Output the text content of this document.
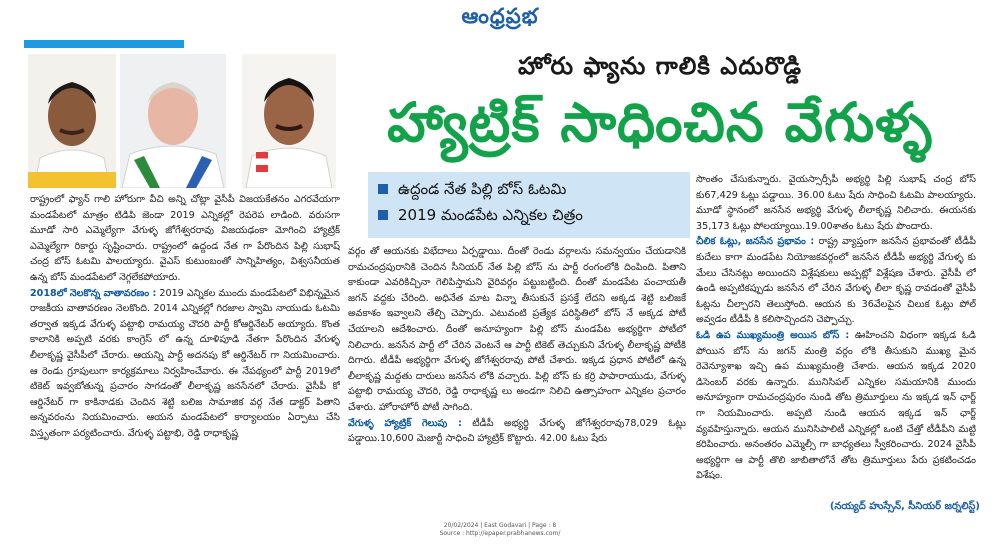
ఆంధ్రప్రభ
హోరు ఫ్యాను గాలికి ఎదురొడ్డి
హ్యాట్రిక్ సాధించిన వేగుళ్ళ
ఉద్దండ నేత పిల్లి బోస్ ఓటమి
2019 మండపేట ఎన్నికల చిత్రం

రాష్ట్రంలో ఫ్యాన్ గాలి హోరుగా వీచి అన్ని చోట్లా వైసీపీ విజయకేతనం ఎగరవేయగా మండపేటలో మాత్రం టిడిపి జెండా 2019 ఎన్నికల్లో రెపరెప లాడింది. వరుసగా మూడో సారి ఎమ్మెల్యేగా వేగుళ్ళ జోగేశ్వరరావు విజయఢంకా మోగించి హ్యాట్రిక్ ఎమ్మెల్యేగా రికార్డు సృష్టించారు. రాష్ట్రంలో ఉద్దండ నేత గా పేరొందిన పిల్లి సుభాష్ చంద్ర బోస్ ఓటమి పాలయ్యారు. వైఎస్ కుటుంబంతో సాన్నిహిత్యం, విశ్వసనీయత ఉన్న బోస్ మండపేటలో నెగ్గలేకపోయారు.

2018లో నెలకొన్న వాతావరణం : 2019 ఎన్నికల ముందు మండపేటలో విభిన్నమైన రాజకీయ వాతావరణం నెలకొంది. 2014 ఎన్నికల్లో గిరజాల స్వామి నాయుడు ఓటమి తర్వాత ఇక్కడ వేగుళ్ళ పట్టాభి రామయ్య చౌదరి పార్టీ కోఆర్డినేటర్ అయ్యారు. కొంత కాలానికి అప్పటి వరకు కాంగ్రెస్ లో ఉన్న దూళిపూడి నేతగా పేరొందిన వేగుళ్ళ లీలాకృష్ణ వైసీపీలో చేరారు. ఆయన్ని పార్టీ అదనపు కో ఆర్డినేటర్ గా నియమించారు. ఆ రెండు గ్రూపులుగా కార్యక్రమాలు నిర్వహించేవారు. ఈ నేపథ్యంలో పార్టీ 2019లో టికెట్ ఇవ్వబోతున్న ప్రచారం సాగడంతో లీలాకృష్ణ జనసేనలో చేరారు. వైసీపీ కో ఆర్డినేటర్ గా కాకినాడకు చెందిన శెట్టి బలిజ సామాజిక వర్గ నేత డాక్టర్ పితాని అన్నవరంను నియమించారు. ఆయన మండపేటలో కార్యాలయం ఏర్పాటు చేసి విస్తృతంగా పర్యటించారు. వేగుళ్ళ పట్టాభి, రెడ్డి రాధాకృష్ణ

వర్గం తో ఆయనకు విభేదాలు ఏర్పడ్డాయి. దీంతో రెండు వర్గాలను సమన్వయం చేయడానికి రామచంద్రపురానికి చెందిన సీనియర్ నేత పిల్లి బోస్ ను పార్టీ రంగంలోకి దింపింది. పితాని కాకుండా ఎవరికిచ్చినా గెలిపిస్తామని వైరివర్గం పట్టుబట్టింది. దీంతో మండపేట పంచాయతీ జగన్ వద్దకు చేరింది. అధినేత మాట విన్నా తీసుకునే ప్రసక్తే లేదని అక్కడ శెట్టి బలిజకే అవకాశం ఇవ్వాలని తేల్చి చెప్పారు. ఎటువంటి ప్రత్యేక పరిస్థితిలో బోస్ నే అక్కడ పోటీ చేయాలని ఆదేశించారు. దీంతో అనూహ్యంగా పిల్లి బోస్ మండపేట అభ్యర్థిగా పోటీలో నిలిచారు. జనసేన పార్టీ లో చేరిన వెంటనే ఆ పార్టీ టికెట్ తెచ్చుకుని వేగుళ్ళ లీలాకృష్ణ పోటీకి దిగారు. టీడీపీ అభ్యర్థిగా వేగుళ్ళ జోగేశ్వరరావు పోటీ చేశారు. ఇక్కడ ప్రధాన పోటీలో ఉన్న లీలాకృష్ణ మద్దతు దారులు జనసేన లోకి వచ్చారు. పిల్లి బోస్ కు కర్రి పాపారాయుడు, వేగుళ్ళ పట్టాభి రామయ్య చౌదరి, రెడ్డి రాధాకృష్ణ లు అండగా నిలిచి ఉత్సాహంగా ఎన్నికల ప్రచారం చేశారు. హోరాహోరీ పోటీ సాగింది.

వేగుళ్ళ హ్యాట్రిక్ గెలుపు : టీడీపీ అభ్యర్థి వేగుళ్ళ జోగేశ్వరరావు78,029 ఓట్లు పడ్డాయి.10,600 మెజార్టీ సాధించి హ్యాట్రిక్ కొట్టారు. 42.00 ఓటు షేరు

సొంతం చేసుకున్నారు. వైయస్సార్సీపీ అభ్యర్థి పిల్లి సుభాష్ చంద్ర బోస్ కు67,429 ఓట్లు పడ్డాయి. 36.00 ఓటు షేరు సాధించి ఓటమి పాలయ్యారు. మూడో స్థానంలో జనసేన అభ్యర్థి వేగుళ్ళ లీలాకృష్ణ నిలిచారు. ఈయనకు 35,173 ఓట్లు పోలయ్యాయి.19.00శాతం ఓటు షేరు పొందారు.

చీలిక ఓట్లు, జనసేన ప్రభావం : రాష్ట్ర వ్యాప్తంగా జనసేన ప్రభావంతో టీడీపీ కుదేలు కాగా మండపేట నియోజకవర్గంలో జనసేన టీడీపీ అభ్యర్థి వేగుళ్ళ కు మేలు చేసినట్లు అయిందని విశ్లేషకులు అప్పట్లో విశ్లేషణ చేశారు. వైసీపీ లో ఉండి అప్పటికప్పుడు జనసేన లో చేరిన వేగుళ్ళ లీలా కృష్ణ రావడంతో వైసీపీ ఓట్లను చీల్చారని తెలుస్తోంది. ఆయన కు 36వేలపైన చిలుక ఓట్లు పోల్ అవ్వడం టీడీపీ కి కలిసొచ్చిందని చెప్పొచ్చు.

ఓడి ఉప ముఖ్యమంత్రి అయిన బోస్ : ఊహించని విధంగా ఇక్కడ ఓడి పోయిన బోస్ ను జగన్ మంత్రి వర్గం లోకి తీసుకుని ముఖ్య మైన రెవెన్యూశాఖ ఇచ్చి ఉప ముఖ్యమంత్రి చేశారు. ఆయన ఇక్కడ 2020 డిసెంబర్ వరకు ఉన్నారు. మునిసిపల్ ఎన్నికల సమయానికి ముందు అనూహ్యంగా రామచంద్రపురం నుండి తోట త్రిమూర్తులు ను ఇక్కడ ఇన్ ఛార్జ్ గా నియమించారు. అప్పటి నుండి ఆయన ఇక్కడ ఇన్ ఛార్జ్ వ్యవహిస్తున్నారు. ఆయన మునిసిపాలిటీ ఎన్నికల్లో ఒంటి చేత్తో టీడీపీని మట్టి కరిపించారు. అనంతరం ఎమ్మెల్సీ గా బాధ్యతలు స్వీకరించారు. 2024 వైసీపీ అభ్యర్థిగా ఆ పార్టీ తొలి జాబితాలోనే తోట త్రిమూర్తులు పేరు ప్రకటించడం విశేషం.

(నయ్యద్ హుస్సేన్, సీనియర్ జర్నలిస్ట్)
20/02/2024 | East Godavari | Page : 8
Source : http://epaper.prabhanews.com/
